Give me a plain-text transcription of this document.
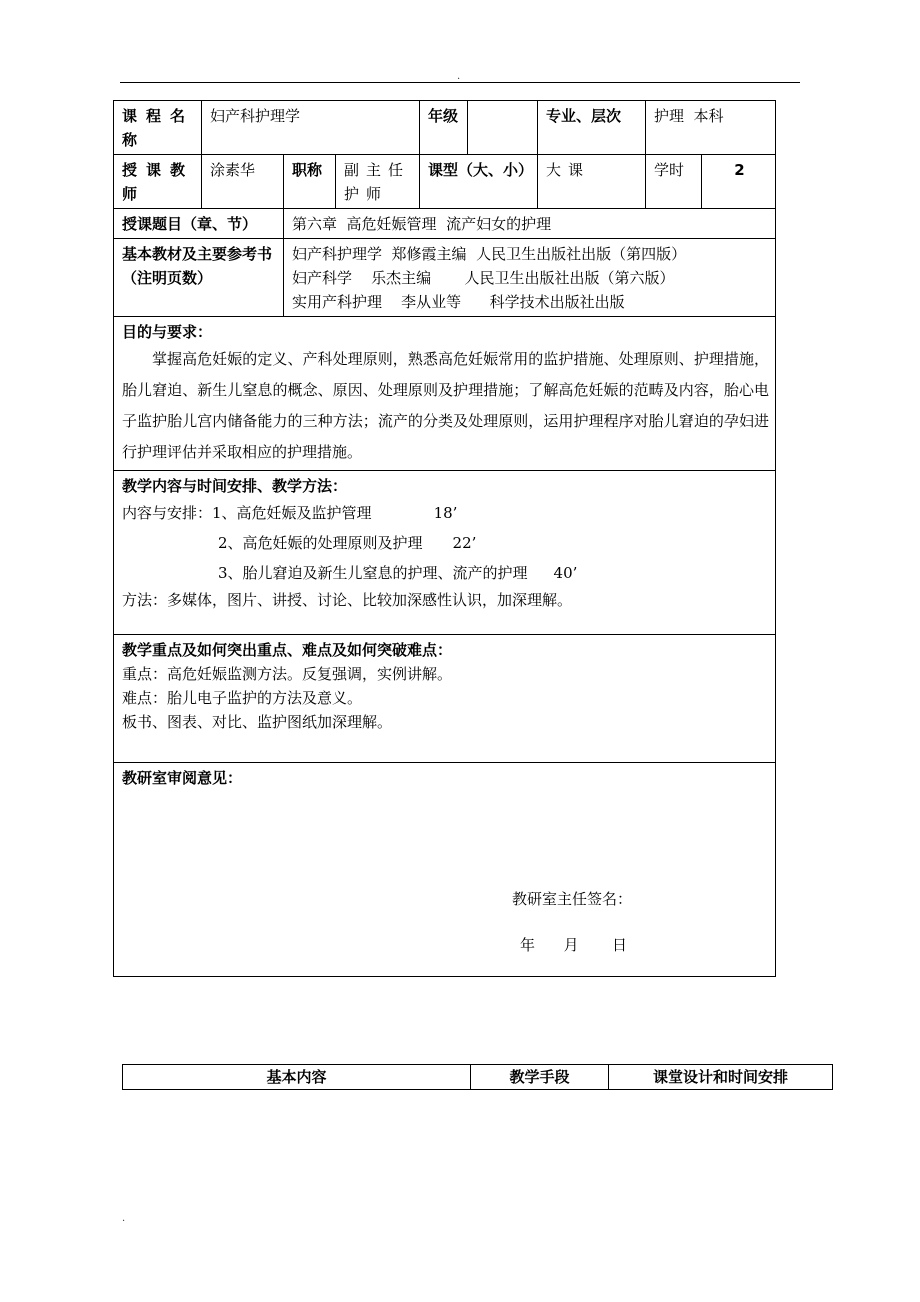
.
课程名称	妇产科护理学			年级		专业、层次	护理  本科	
授课教师	涂素华	职称	副主任护师	课型（大、小）		大课	学时	2
授课题目（章、节）		第六章  高危妊娠管理  流产妇女的护理						
基本教材及主要参考书（注明页数）		妇产科护理学  郑修霞主编  人民卫生出版社出版（第四版）
妇产科学    乐杰主编       人民卫生出版社出版（第六版）
实用产科护理    李从业等      科学技术出版社出版						

目的与要求：
掌握高危妊娠的定义、产科处理原则，熟悉高危妊娠常用的监护措施、处理原则、护理措施，胎儿窘迫、新生儿窒息的概念、原因、处理原则及护理措施；了解高危妊娠的范畴及内容，胎心电子监护胎儿宫内储备能力的三种方法；流产的分类及处理原则，运用护理程序对胎儿窘迫的孕妇进行护理评估并采取相应的护理措施。								

教学内容与时间安排、教学方法：
内容与安排：1、高危妊娠及监护管理 18’
2、高危妊娠的处理原则及护理 22’
3、胎儿窘迫及新生儿窒息的护理、流产的护理 40’
方法：多媒体，图片、讲授、讨论、比较加深感性认识，加深理解。								

教学重点及如何突出重点、难点及如何突破难点：
重点：高危妊娠监测方法。反复强调，实例讲解。
难点：胎儿电子监护的方法及意义。
板书、图表、对比、监护图纸加深理解。								

教研室审阅意见：
教研室主任签名：
年      月       日								
基本内容	教学手段	课堂设计和时间安排
.
